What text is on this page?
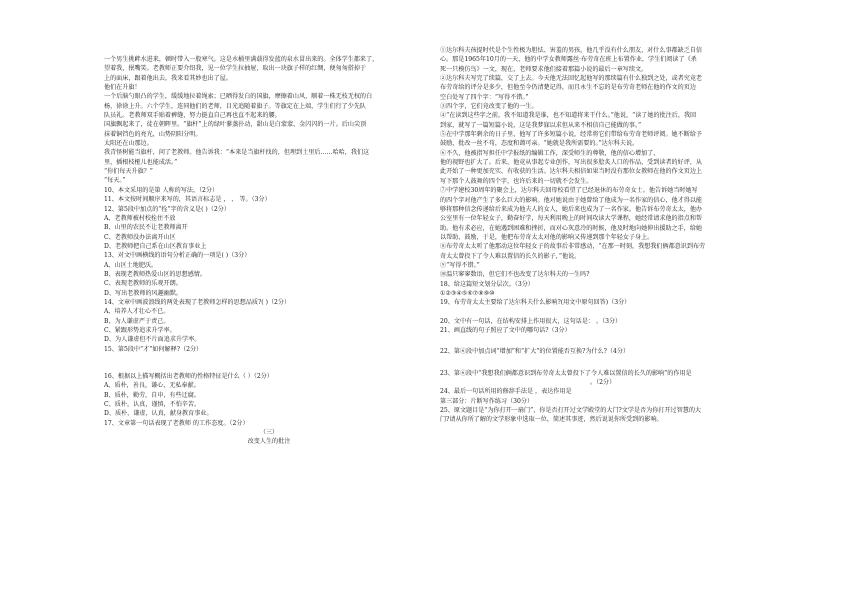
一个男生挑衅水进来，顿时带入一股寒气。这是水桶里满载得发蓝的泉水冒出来的。全体学生都来了，
望着我，抿嘴笑。老教师正要介绍我，见一位学生拉抽屉，取出一块旗子样的红绸，便匆匆搭掉于
上的面床，跟着他出去。我来看其妙也出了屋。
他们在升旗！
一个后脑勺眼凸的学生，缓缓地拉着绳索；已晒得发白的国旗，摩擦着山风，顺着一株无枝无权的白
杨，徐徐上升。六个学生，连同他们的老师，目光追随着旗子。等旗定在上端，学生们行了少先队
队员礼。老教师双手贴着裤缝，努力挺直自己再也直不起来的腰。
国旗飘起来了，徒在朝晖里。“旗杆”上的绿叶蓼蒸扑动，甜山是白蒙蒙、金闪闪的一片。后山尖顶
抹着铜铛色的亮光，山势阴阳分明。
太阳还在山那边。
我青怪树能当旗杆，问了老教师。他告诉我：“本来是当旗杆找的，但埋到土里后……哈哈，我们这
里，插根枝桠儿也能成活。”
“你们每天升旗？”
“每天。”
10、本文采用的是第 人称的写法。（2分）
11、本文按时间顺序来写的，其语言标志是 ， 、 等。（3分）
12、第5段中加点的“拴”字的含义是( )（2分）
A、老教师被村校拴住不放
B、山里的农民不让老教师离开
C、老教师没办法离开山区
D、老教师把自己系在山区教育事业上
13、对文中画横线的语句分析正确的一项是( )（3分）
A、山区土地肥沃。
B、表现老教师热爱山区的思想感情。
C、表现老教师的乐观开朗。
D、写出老教师的风趣幽默。
14、文章中画波浪线的两处表现了老教师怎样的思想品质?( )（2分）
A、培养人才壮心不已。
B、为人谦虚严于责己。
C、紧跟形势追求升学率。
D、为人谦虚但不片面追求升学率。
15、第5段中“才”如何解释?（2分）
16、根据以上描写概括出老教师的性格特征是什么（ ）（2分）
A、质朴，善良，谦心，无私奉献。
B、质朴，勤劳，自申，有些迂腐。
C、质朴，认真，谨慎，不怕辛苦。
D、质朴，谦虚，认真，献身教育事业。
17、文章第一句话表现了老教师 的工作态度。（2分）
（三）
改变人生的批注
①达尔科夫孩提时代是个生性极为胆怯、害羞的男孩。他几乎没有什么朋友，对什么事都缺乏自信
心。那是1965年10月的一天，他的中学女教师露丝·布劳奇在班上布置作业，学生们阅读了《杀
死一只模仿鸟》一文，现在，老师要求他们接着那篇小说的最后一章写续文。
②达尔科夫写完了续篇，交了上去。今天他无法回忆起他写的那续篇有什么独到之处，或者究竟老
布劳奇给的评分是多少，但他至今仍清楚记得，而且永生不忘的是布劳奇老师在他的作文的页边
空白处写了四个字：“写得不错。”
③四个字，它们竟改变了他的一生。
④“在读到这些字之前，我不知道我是谁，也不知道将来干什么。”他说，“读了她的批注后，我回
到家，就写了一篇短篇小说，这是我梦寐以求但从来不相信自己能做的事。”
⑤在中学那年剩余的日子里，他写了许多短篇小说，经常将它们带给布劳奇老师评阅。她不断给予
鼓励，批改一丝不苟，态度和蔼可亲。“她就是我所需要的。”达尔科夫说。
⑥不久，他被指写担任中学报纸的编辑工作，深受师生的尊敬，他的信心增加了，
他的视野也扩大了。后来，他竟从事起专业创作，写出很多脍炙人口的作品，受到读者的好评，从
此开始了一种更加充实、有收获的生活。达尔科夫相信如果当时没有那位女教师在他的作文页边上
写下那个人鼓舞的四个字，也许后来的一切就不会发生。
⑦中学建校30周年的聚会上，达尔科夫回母校看望了已经退休的布劳奇女士。他告诉她当时她写
的四个字对他产生了多么巨大的影响。他对她说由于她曾给了他成为一名作家的信心，他才得以能
够将那种信念传递给后来成为他夫人的女人，她后来也成为了一名作家。他告诉布劳奇太太，他办
公室里有一位年轻女子，勤奋好学，每天利用晚上的时间攻读大学课程，她经常请求他的指点和帮
助。他有求必应，在她遇到困难和挫折，而对心灰意冷的时候，他及时地向她伸出援助之手，给她
以帮助、鼓励，于是，他把布劳奇太太对他的影响又传递到那个年轻女子身上。
⑧布劳奇太太听了他那动这位年轻女子的故事后非常感动，“在那一时刻，我想我们俩都意识到布劳
奇太太曾投下了令人难以置信的长久的影子，”他说。
⑨“写得不错。”
⑩温只寥寥数语，但它们不也改变了达尔科夫的一生吗?
18、给这篇短文划分层次。（3分）
①②③④⑤⑥⑦⑧⑨⑩
19、布劳奇太太主要给了达尔科夫什么影响?(用文中原句回答)（3分）
20、文中有一句话，在结构安排上作用很大，这句话是： 。（3分）
21、画直线的句子照应了文中的哪句话?（3分）
22、第⑥段中加点词“增加”和“扩大”的位置能否互换?为什么?（4分）
23、第⑥段中“我想我们俩都意识到布劳奇太太曾投下了令人难以置信的长久的影响”的作用是
。（2分）
24、最后一句话所用的修辞手法是 ，表达作用是
第三部分：片断写作练习（30分）
25、原文题目是“为你打开一扇门”，你是否打开过文学殿堂的大门?文学是否为你打开过智慧的大
门?请从你所了解的文学形象中选取一位，简述其事迹，然后说说你所受到的影响。
